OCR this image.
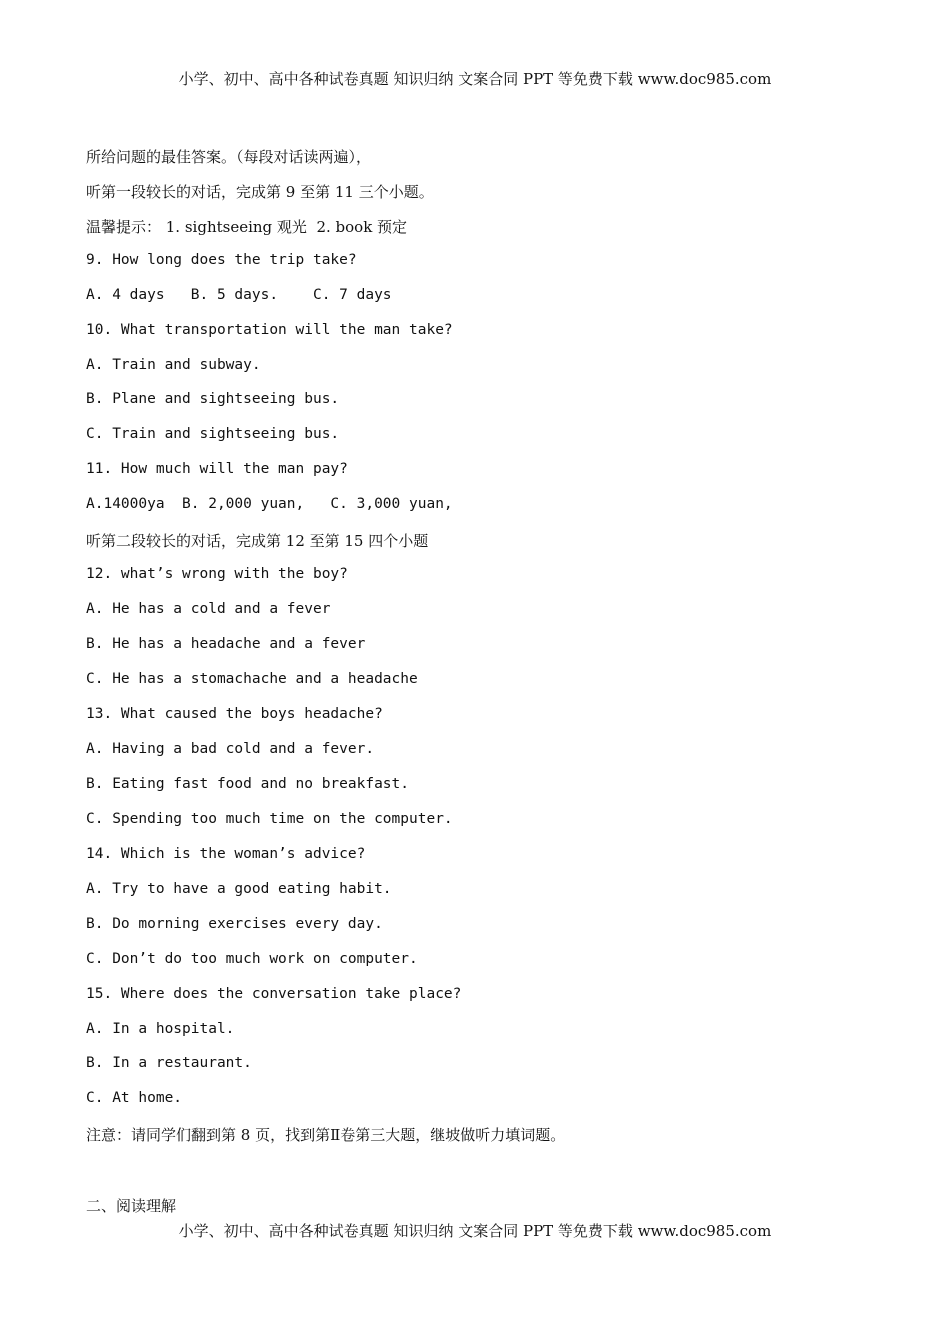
小学、初中、高中各种试卷真题 知识归纳 文案合同 PPT 等免费下载 www.doc985.com
所给问题的最佳答案。（每段对话读两遍），
听第一段较长的对话，完成第 9 至第 11 三个小题。
温馨提示： 1. sightseeing 观光  2. book 预定
9. How long does the trip take?
A. 4 days   B. 5 days.    C. 7 days
10. What transportation will the man take?
A. Train and subway.
B. Plane and sightseeing bus.
C. Train and sightseeing bus.
11. How much will the man pay?
A.14000ya  B. 2,000 yuan,   C. 3,000 yuan,
听第二段较长的对话，完成第 12 至第 15 四个小题
12. what’s wrong with the boy?
A. He has a cold and a fever
B. He has a headache and a fever
C. He has a stomachache and a headache
13. What caused the boys headache?
A. Having a bad cold and a fever.
B. Eating fast food and no breakfast.
C. Spending too much time on the computer.
14. Which is the woman’s advice?
A. Try to have a good eating habit.
B. Do morning exercises every day.
C. Don’t do too much work on computer.
15. Where does the conversation take place?
A. In a hospital.
B. In a restaurant.
C. At home.
注意：请同学们翻到第 8 页，找到第Ⅱ卷第三大题，继坡做听力填词题。
二、阅读理解
小学、初中、高中各种试卷真题 知识归纳 文案合同 PPT 等免费下载 www.doc985.com
